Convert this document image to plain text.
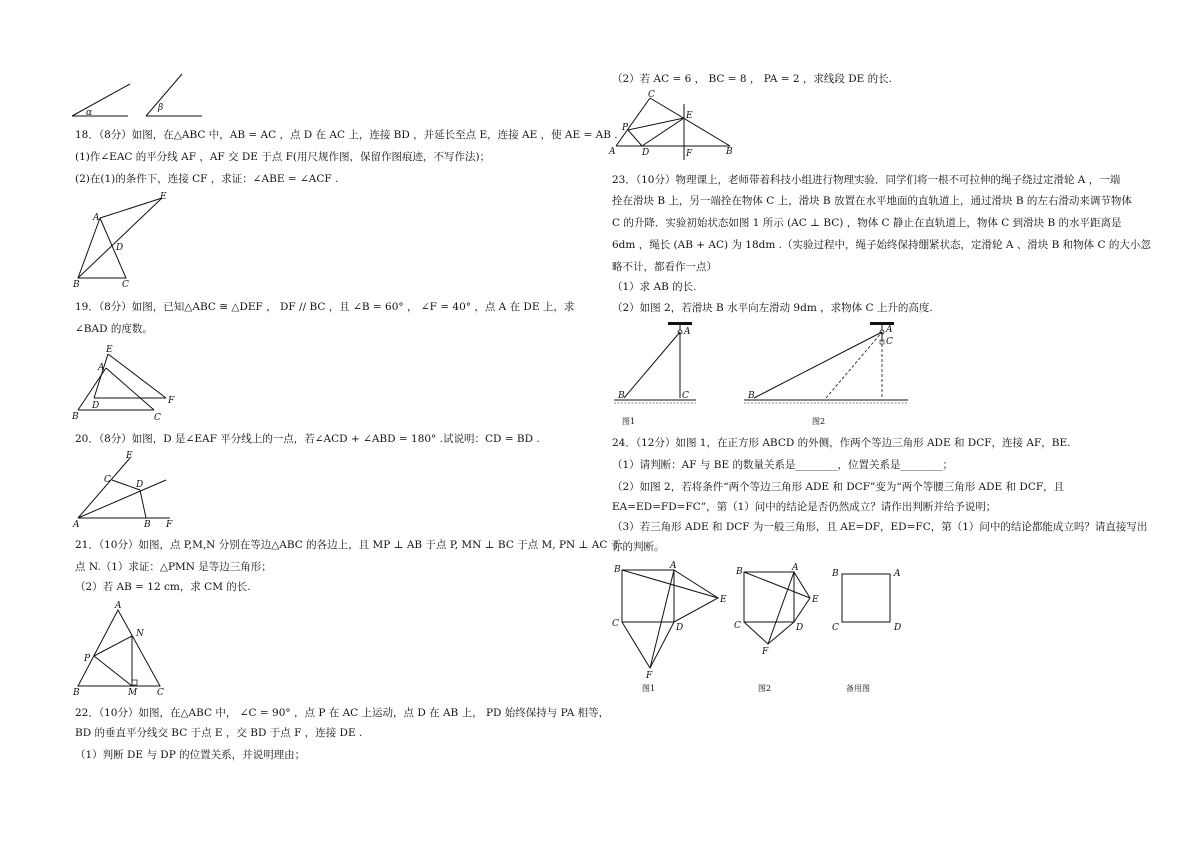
α	β
18．（8分）如图，在△ABC 中，AB = AC ，点 D 在 AC 上，连接 BD ，并延长至点 E，连接 AE ，使 AE = AB .
(1)作∠EAC 的平分线 AF ，AF 交 DE 于点 F(用尺规作图，保留作图痕迹，不写作法)；
(2)在(1)的条件下，连接 CF ，求证：∠ABE = ∠ACF .
A
B	C
D
E
19．（8分）如图，已知△ABC ≅ △DEF ， DF // BC ，且 ∠B = 60° ， ∠F = 40° ，点 A 在 DE 上，求
∠BAD 的度数。
E
A
D
B	C
F
20．（8分）如图，D 是∠EAF 平分线上的一点，若∠ACD + ∠ABD = 180° .试说明：CD = BD .
E
C	D
A	B F
21．（10分）如图，点 P,M,N 分别在等边△ABC 的各边上，且 MP ⊥ AB 于点 P, MN ⊥ BC 于点 M, PN ⊥ AC 于
点 N.（1）求证：△PMN 是等边三角形；
（2）若 AB = 12 cm，求 CM 的长.
A
N
P
B	M C
22．（10分）如图，在△ABC 中， ∠C = 90° ，点 P 在 AC 上运动，点 D 在 AB 上， PD 始终保持与 PA 相等，
BD 的垂直平分线交 BC 于点 E ，交 BD 于点 F ，连接 DE .
（1）判断 DE 与 DP 的位置关系，并说明理由；
（2）若 AC = 6 ， BC = 8 ， PA = 2 ，求线段 DE 的长.
C
E
P
A	D	F	B
23．（10分）物理课上，老师带着科技小组进行物理实验．同学们将一根不可拉伸的绳子绕过定滑轮 A ，一端
拴在滑块 B 上，另一端拴在物体 C 上，滑块 B 放置在水平地面的直轨道上，通过滑块 B 的左右滑动来调节物体
C 的升降．实验初始状态如图 1 所示 (AC ⊥ BC) ，物体 C 静止在直轨道上，物体 C 到滑块 B 的水平距离是
6dm ，绳长 (AB + AC) 为 18dm .（实验过程中，绳子始终保持绷紧状态，定滑轮 A 、滑块 B 和物体 C 的大小忽
略不计，都看作一点）
（1）求 AB 的长.
（2）如图 2，若滑块 B 水平向左滑动 9dm ，求物体 C 上升的高度.
A
B	C
图1
A
C
B
图2
24．（12分）如图 1，在正方形 ABCD 的外侧，作两个等边三角形 ADE 和 DCF，连接 AF，BE.
（1）请判断：AF 与 BE 的数量关系是________，位置关系是________；
（2）如图 2，若将条件“两个等边三角形 ADE 和 DCF”变为“两个等腰三角形 ADE 和 DCF，且
EA=ED=FD=FC”，第（1）问中的结论是否仍然成立？请作出判断并给予说明；
（3）若三角形 ADE 和 DCF 为一般三角形，且 AE=DF，ED=FC，第（1）问中的结论都能成立吗？请直接写出
你的判断。
B	A
E
C	D
F
图1
B	A
E
C	D
F
图2
B	A
C	D
备用图
